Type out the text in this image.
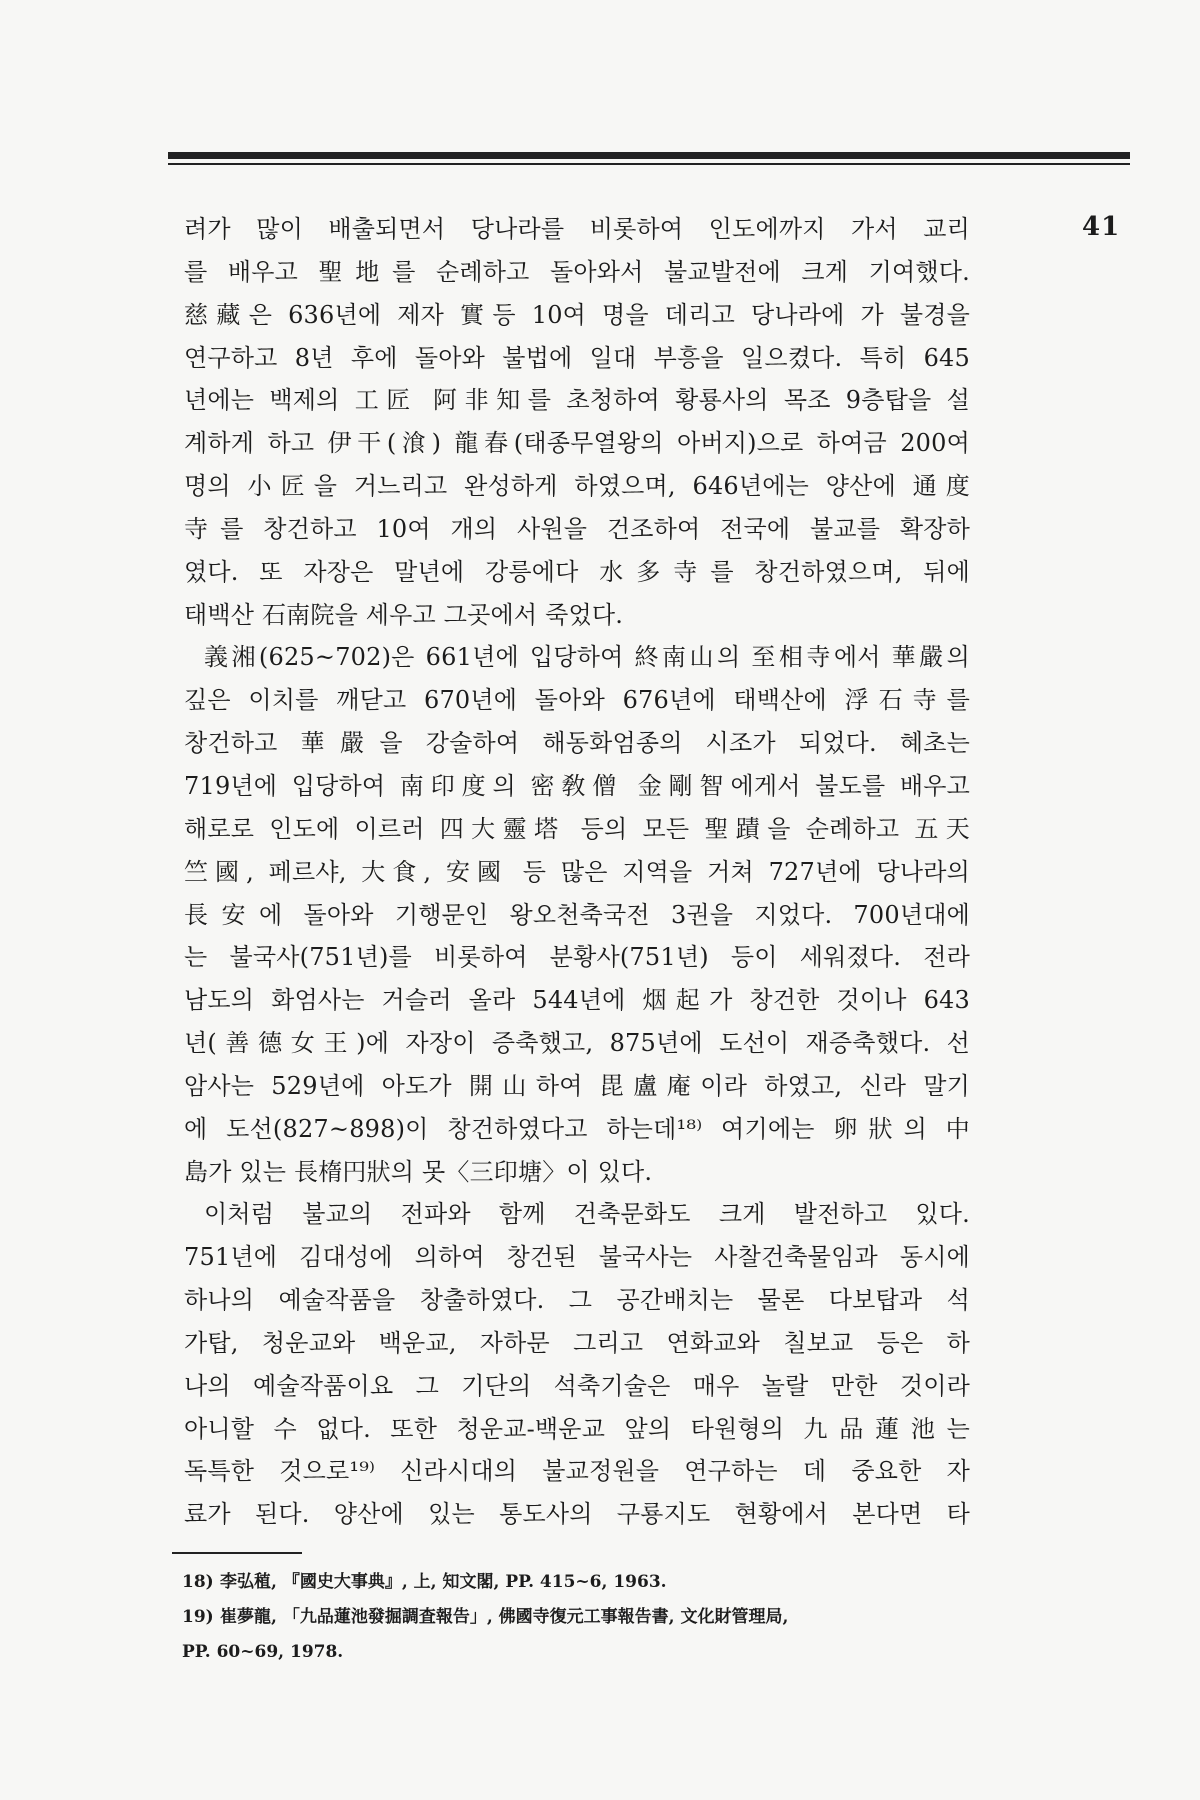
41
려가 많이 배출되면서 당나라를 비롯하여 인도에까지 가서 교리
를 배우고 聖地를 순례하고 돌아와서 불교발전에 크게 기여했다.
慈藏은 636년에 제자 實등 10여 명을 데리고 당나라에 가 불경을
연구하고 8년 후에 돌아와 불법에 일대 부흥을 일으켰다. 특히 645
년에는 백제의 工匠 阿非知를 초청하여 황룡사의 목조 9층탑을 설
계하게 하고 伊干(湌) 龍春(태종무열왕의 아버지)으로 하여금 200여
명의 小匠을 거느리고 완성하게 하였으며, 646년에는 양산에 通度
寺를 창건하고 10여 개의 사원을 건조하여 전국에 불교를 확장하
였다. 또 자장은 말년에 강릉에다 水多寺를 창건하였으며, 뒤에
태백산 石南院을 세우고 그곳에서 죽었다.
義湘(625~702)은 661년에 입당하여 終南山의 至相寺에서 華嚴의
깊은 이치를 깨닫고 670년에 돌아와 676년에 태백산에 浮石寺를
창건하고 華嚴을 강술하여 해동화엄종의 시조가 되었다. 혜초는
719년에 입당하여 南印度의 密敎僧 金剛智에게서 불도를 배우고
해로로 인도에 이르러 四大靈塔 등의 모든 聖蹟을 순례하고 五天
竺國, 페르샤, 大食, 安國 등 많은 지역을 거쳐 727년에 당나라의
長安에 돌아와 기행문인 왕오천축국전 3권을 지었다. 700년대에
는 불국사(751년)를 비롯하여 분황사(751년) 등이 세워졌다. 전라
남도의 화엄사는 거슬러 올라 544년에 烟起가 창건한 것이나 643
년(善德女王)에 자장이 증축했고, 875년에 도선이 재증축했다. 선
암사는 529년에 아도가 開山하여 毘盧庵이라 하였고, 신라 말기
에 도선(827~898)이 창건하였다고 하는데¹⁸⁾ 여기에는 卵狀의 中
島가 있는 長楕円狀의 못〈三印塘〉이 있다.
이처럼 불교의 전파와 함께 건축문화도 크게 발전하고 있다.
751년에 김대성에 의하여 창건된 불국사는 사찰건축물임과 동시에
하나의 예술작품을 창출하였다. 그 공간배치는 물론 다보탑과 석
가탑, 청운교와 백운교, 자하문 그리고 연화교와 칠보교 등은 하
나의 예술작품이요 그 기단의 석축기술은 매우 놀랄 만한 것이라
아니할 수 없다. 또한 청운교-백운교 앞의 타원형의 九品蓮池는
독특한 것으로¹⁹⁾ 신라시대의 불교정원을 연구하는 데 중요한 자
료가 된다. 양산에 있는 통도사의 구룡지도 현황에서 본다면 타
18) 李弘稙, 『國史大事典』, 上, 知文閣, PP. 415~6, 1963.
19) 崔夢龍, 「九品蓮池發掘調査報告」, 佛國寺復元工事報告書, 文化財管理局,
PP. 60~69, 1978.
